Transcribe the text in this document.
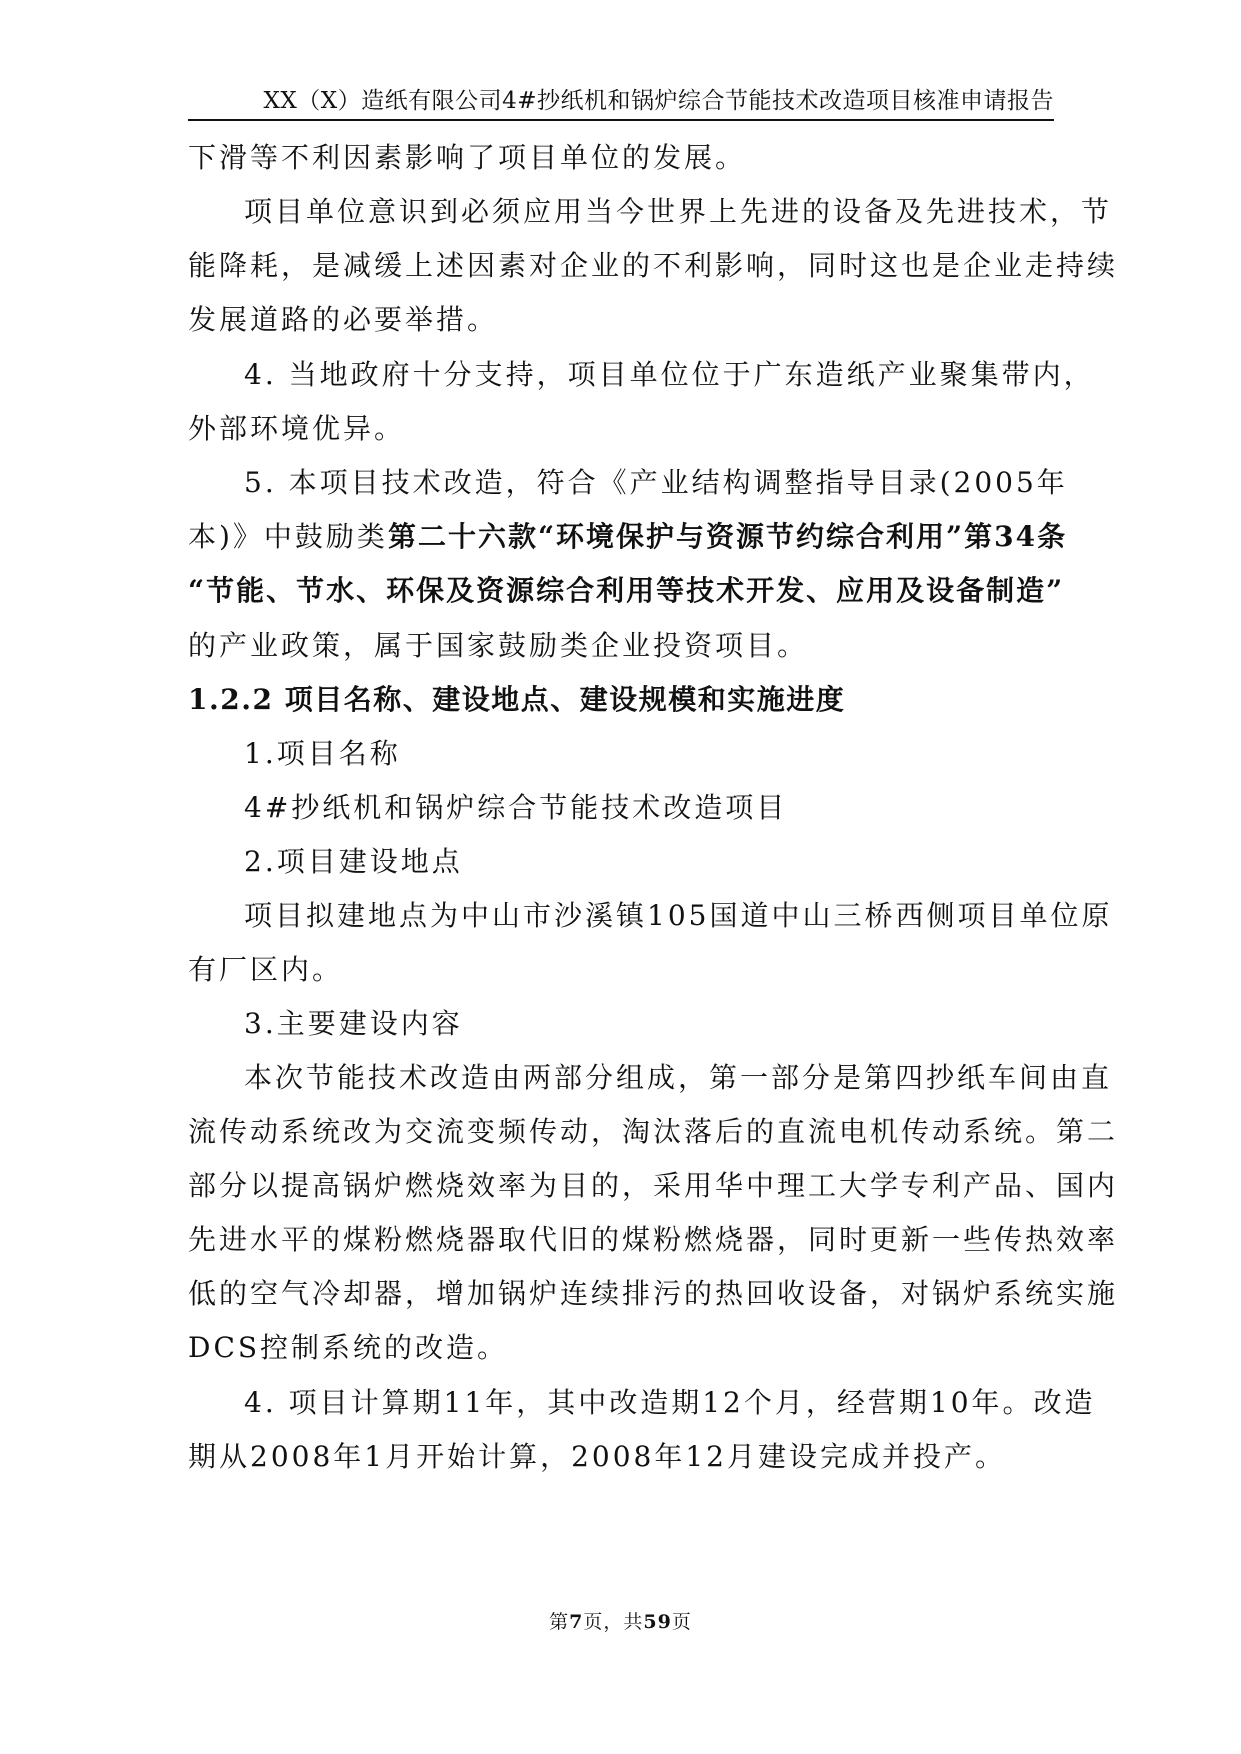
XX（X）造纸有限公司4#抄纸机和锅炉综合节能技术改造项目核准申请报告
下滑等不利因素影响了项目单位的发展。
项目单位意识到必须应用当今世界上先进的设备及先进技术，节
能降耗，是减缓上述因素对企业的不利影响，同时这也是企业走持续
发展道路的必要举措。
4. 当地政府十分支持，项目单位位于广东造纸产业聚集带内，
外部环境优异。
5. 本项目技术改造，符合《产业结构调整指导目录(2005年
本)》中鼓励类第二十六款“环境保护与资源节约综合利用”第34条
“节能、节水、环保及资源综合利用等技术开发、应用及设备制造”
的产业政策，属于国家鼓励类企业投资项目。
1.2.2 项目名称、建设地点、建设规模和实施进度
1.项目名称
4#抄纸机和锅炉综合节能技术改造项目
2.项目建设地点
项目拟建地点为中山市沙溪镇105国道中山三桥西侧项目单位原
有厂区内。
3.主要建设内容
本次节能技术改造由两部分组成，第一部分是第四抄纸车间由直
流传动系统改为交流变频传动，淘汰落后的直流电机传动系统。第二
部分以提高锅炉燃烧效率为目的，采用华中理工大学专利产品、国内
先进水平的煤粉燃烧器取代旧的煤粉燃烧器，同时更新一些传热效率
低的空气冷却器，增加锅炉连续排污的热回收设备，对锅炉系统实施
DCS控制系统的改造。
4. 项目计算期11年，其中改造期12个月，经营期10年。改造
期从2008年1月开始计算，2008年12月建设完成并投产。
第7页，共59页
